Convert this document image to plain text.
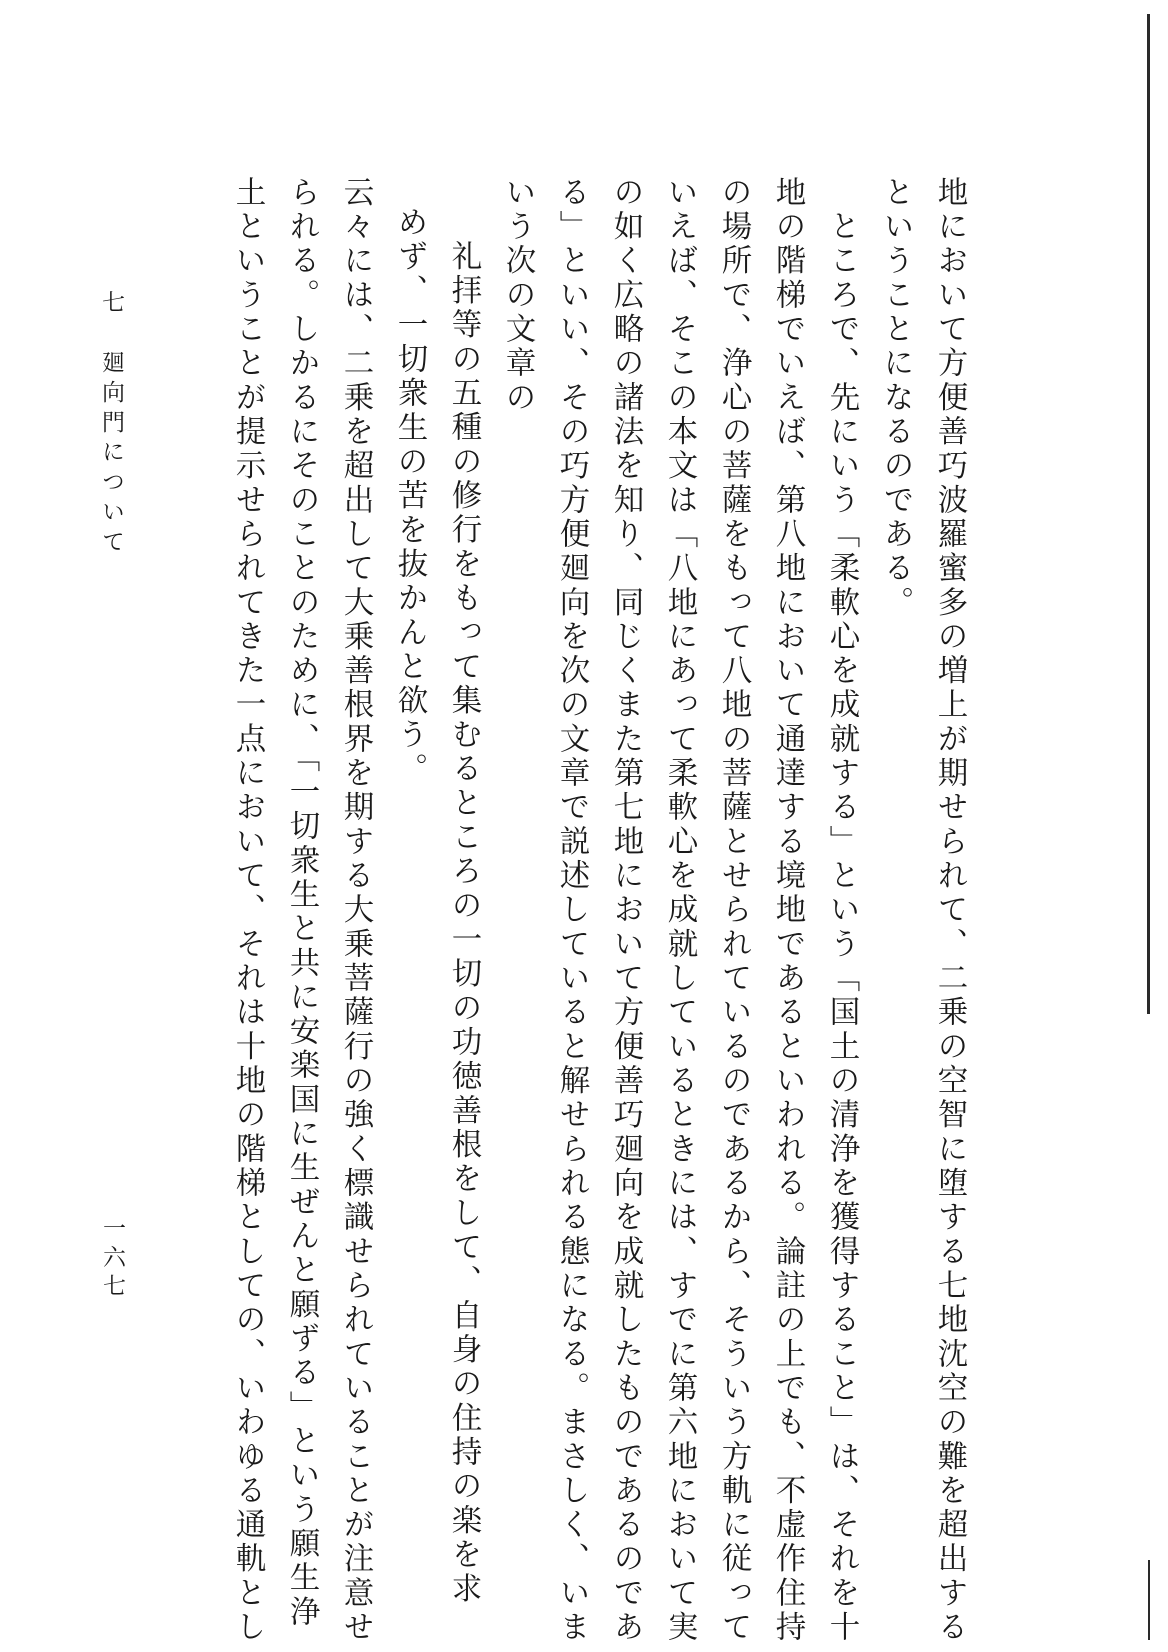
地において方便善巧波羅蜜多の増上が期せられて、二乗の空智に堕する七地沈空の難を超出する
ということになるのである。
　ところで、先にいう「柔軟心を成就する」という「国土の清浄を獲得すること」は、それを十
地の階梯でいえば、第八地において通達する境地であるといわれる。論註の上でも、不虚作住持
の場所で、浄心の菩薩をもって八地の菩薩とせられているのであるから、そういう方軌に従って
いえば、そこの本文は「八地にあって柔軟心を成就しているときには、すでに第六地において実
の如く広略の諸法を知り、同じくまた第七地において方便善巧廻向を成就したものであるのであ
る」といい、その巧方便廻向を次の文章で説述していると解せられる態になる。まさしく、いま
いう次の文章の
礼拝等の五種の修行をもって集むるところの一切の功徳善根をして、自身の住持の楽を求
めず、一切衆生の苦を抜かんと欲う。
云々には、二乗を超出して大乗善根界を期する大乗菩薩行の強く標識せられていることが注意せ
られる。しかるにそのことのために、「一切衆生と共に安楽国に生ぜんと願ずる」という願生浄
土ということが提示せられてきた一点において、それは十地の階梯としての、いわゆる通軌とし
七　廻向門について
一六七
